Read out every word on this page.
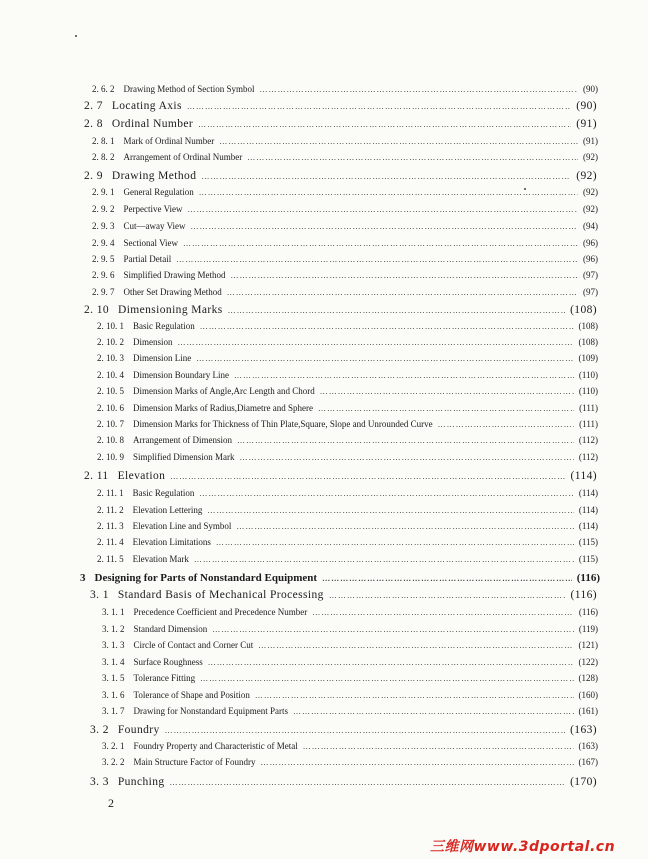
2. 6. 2 Drawing Method of Section Symbol …………………………………………………………………………………………………………………………………………………………………………………………………………………………	(90)
2. 7 Locating Axis …………………………………………………………………………………………………………………………………………………………………………………………………………………………	(90)
2. 8 Ordinal Number …………………………………………………………………………………………………………………………………………………………………………………………………………………………	(91)
2. 8. 1 Mark of Ordinal Number …………………………………………………………………………………………………………………………………………………………………………………………………………………………	(91)
2. 8. 2 Arrangement of Ordinal Number …………………………………………………………………………………………………………………………………………………………………………………………………………………………	(92)
2. 9 Drawing Method …………………………………………………………………………………………………………………………………………………………………………………………………………………………	(92)
2. 9. 1 General Regulation …………………………………………………………………………………………………………………………………………………………………………………………………………………………	(92)
2. 9. 2 Perpective View …………………………………………………………………………………………………………………………………………………………………………………………………………………………	(92)
2. 9. 3 Cut—away View …………………………………………………………………………………………………………………………………………………………………………………………………………………………	(94)
2. 9. 4 Sectional View …………………………………………………………………………………………………………………………………………………………………………………………………………………………	(96)
2. 9. 5 Partial Detail …………………………………………………………………………………………………………………………………………………………………………………………………………………………	(96)
2. 9. 6 Simplified Drawing Method …………………………………………………………………………………………………………………………………………………………………………………………………………………………	(97)
2. 9. 7 Other Set Drawing Method …………………………………………………………………………………………………………………………………………………………………………………………………………………………	(97)
2. 10 Dimensioning Marks …………………………………………………………………………………………………………………………………………………………………………………………………………………………	(108)
2. 10. 1 Basic Regulation …………………………………………………………………………………………………………………………………………………………………………………………………………………………	(108)
2. 10. 2 Dimension …………………………………………………………………………………………………………………………………………………………………………………………………………………………	(108)
2. 10. 3 Dimension Line …………………………………………………………………………………………………………………………………………………………………………………………………………………………	(109)
2. 10. 4 Dimension Boundary Line …………………………………………………………………………………………………………………………………………………………………………………………………………………………	(110)
2. 10. 5 Dimension Marks of Angle,Arc Length and Chord …………………………………………………………………………………………………………………………………………………………………………………………………………………………	(110)
2. 10. 6 Dimension Marks of Radius,Diametre and Sphere …………………………………………………………………………………………………………………………………………………………………………………………………………………………	(111)
2. 10. 7 Dimension Marks for Thickness of Thin Plate,Square, Slope and Unrounded Curve …………………………………………………………………………………………………………………………………………………………………………………………………………………………	(111)
2. 10. 8 Arrangement of Dimension …………………………………………………………………………………………………………………………………………………………………………………………………………………………	(112)
2. 10. 9 Simplified Dimension Mark …………………………………………………………………………………………………………………………………………………………………………………………………………………………	(112)
2. 11 Elevation …………………………………………………………………………………………………………………………………………………………………………………………………………………………	(114)
2. 11. 1 Basic Regulation …………………………………………………………………………………………………………………………………………………………………………………………………………………………	(114)
2. 11. 2 Elevation Lettering …………………………………………………………………………………………………………………………………………………………………………………………………………………………	(114)
2. 11. 3 Elevation Line and Symbol …………………………………………………………………………………………………………………………………………………………………………………………………………………………	(114)
2. 11. 4 Elevation Limitations …………………………………………………………………………………………………………………………………………………………………………………………………………………………	(115)
2. 11. 5 Elevation Mark …………………………………………………………………………………………………………………………………………………………………………………………………………………………	(115)
3 Designing for Parts of Nonstandard Equipment …………………………………………………………………………………………………………………………………………………………………………………………………………………………	(116)
3. 1 Standard Basis of Mechanical Processing …………………………………………………………………………………………………………………………………………………………………………………………………………………………	(116)
3. 1. 1 Precedence Coefficient and Precedence Number …………………………………………………………………………………………………………………………………………………………………………………………………………………………	(116)
3. 1. 2 Standard Dimension …………………………………………………………………………………………………………………………………………………………………………………………………………………………	(119)
3. 1. 3 Circle of Contact and Corner Cut …………………………………………………………………………………………………………………………………………………………………………………………………………………………	(121)
3. 1. 4 Surface Roughness …………………………………………………………………………………………………………………………………………………………………………………………………………………………	(122)
3. 1. 5 Tolerance Fitting …………………………………………………………………………………………………………………………………………………………………………………………………………………………	(128)
3. 1. 6 Tolerance of Shape and Position …………………………………………………………………………………………………………………………………………………………………………………………………………………………	(160)
3. 1. 7 Drawing for Nonstandard Equipment Parts …………………………………………………………………………………………………………………………………………………………………………………………………………………………	(161)
3. 2 Foundry …………………………………………………………………………………………………………………………………………………………………………………………………………………………	(163)
3. 2. 1 Foundry Property and Characteristic of Metal …………………………………………………………………………………………………………………………………………………………………………………………………………………………	(163)
3. 2. 2 Main Structure Factor of Foundry …………………………………………………………………………………………………………………………………………………………………………………………………………………………	(167)
3. 3 Punching …………………………………………………………………………………………………………………………………………………………………………………………………………………………	(170)
2
三维网www.3dportal.cn
